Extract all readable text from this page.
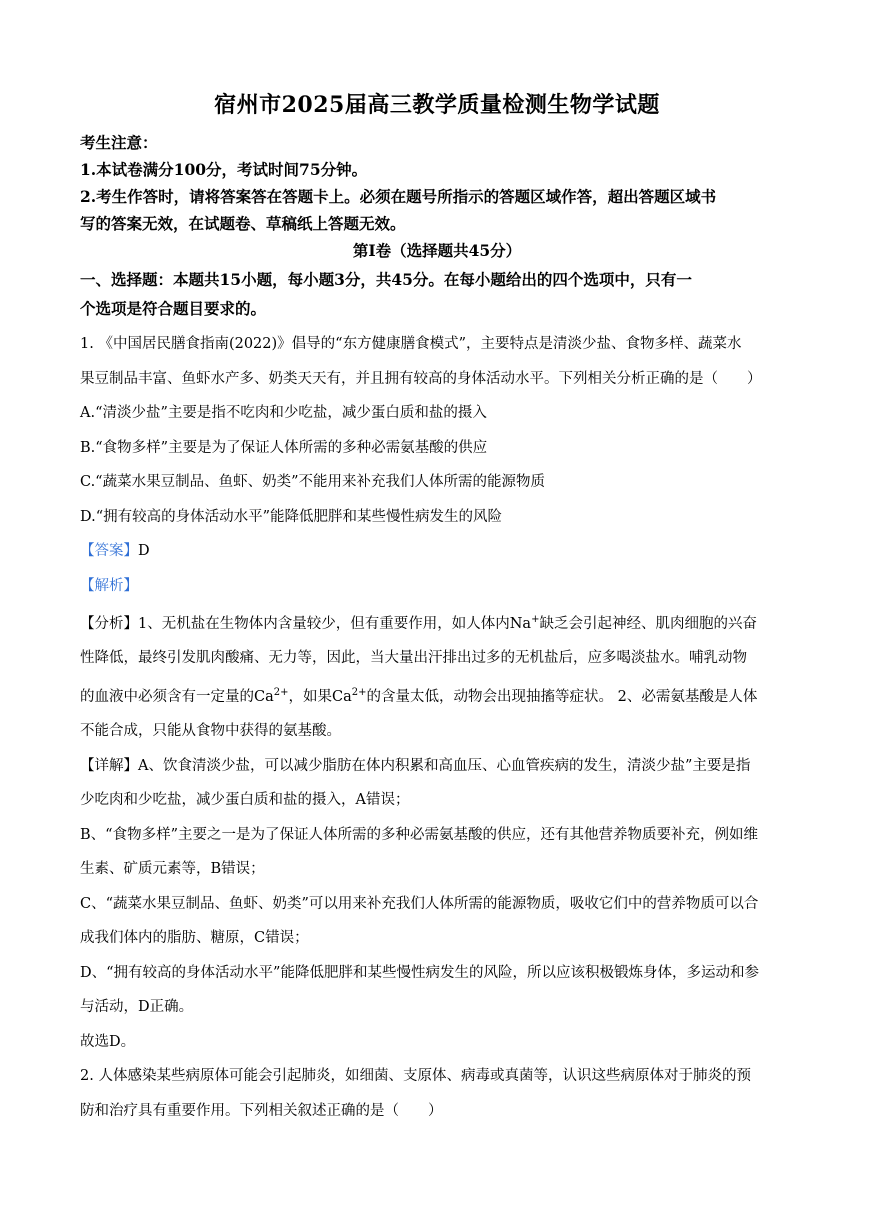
宿州市2025届高三教学质量检测生物学试题

考生注意：

1.本试卷满分100分，考试时间75分钟。

2.考生作答时，请将答案答在答题卡上。必须在题号所指示的答题区域作答，超出答题区域书

写的答案无效，在试题卷、草稿纸上答题无效。

第Ⅰ卷（选择题共45分）
一、选择题：本题共15小题，每小题3分，共45分。在每小题给出的四个选项中，只有一
个选项是符合题目要求的。

1. 《中国居民膳食指南(2022)》倡导的“东方健康膳食模式”，主要特点是清淡少盐、食物多样、蔬菜水

果豆制品丰富、鱼虾水产多、奶类天天有，并且拥有较高的身体活动水平。下列相关分析正确的是（　　）

A.“清淡少盐”主要是指不吃肉和少吃盐，减少蛋白质和盐的摄入

B.“食物多样”主要是为了保证人体所需的多种必需氨基酸的供应

C.“蔬菜水果豆制品、鱼虾、奶类”不能用来补充我们人体所需的能源物质

D.“拥有较高的身体活动水平”能降低肥胖和某些慢性病发生的风险

【答案】D

【解析】

【分析】1、无机盐在生物体内含量较少，但有重要作用，如人体内Na+缺乏会引起神经、肌肉细胞的兴奋

性降低，最终引发肌肉酸痛、无力等，因此，当大量出汗排出过多的无机盐后，应多喝淡盐水。哺乳动物

的血液中必须含有一定量的$Ca^{2+}$，如果$Ca^{2+}$的含量太低，动物会出现抽搐等症状。 2、必需氨基酸是人体

不能合成，只能从食物中获得的氨基酸。

【详解】A、饮食清淡少盐，可以减少脂肪在体内积累和高血压、心血管疾病的发生，清淡少盐”主要是指

少吃肉和少吃盐，减少蛋白质和盐的摄入，A错误；

B、“食物多样”主要之一是为了保证人体所需的多种必需氨基酸的供应，还有其他营养物质要补充，例如维

生素、矿质元素等，B错误；

C、“蔬菜水果豆制品、鱼虾、奶类”可以用来补充我们人体所需的能源物质，吸收它们中的营养物质可以合

成我们体内的脂肪、糖原，C错误；

D、“拥有较高的身体活动水平”能降低肥胖和某些慢性病发生的风险，所以应该积极锻炼身体，多运动和参

与活动，D正确。

故选D。

2. 人体感染某些病原体可能会引起肺炎，如细菌、支原体、病毒或真菌等，认识这些病原体对于肺炎的预

防和治疗具有重要作用。下列相关叙述正确的是（　　）
